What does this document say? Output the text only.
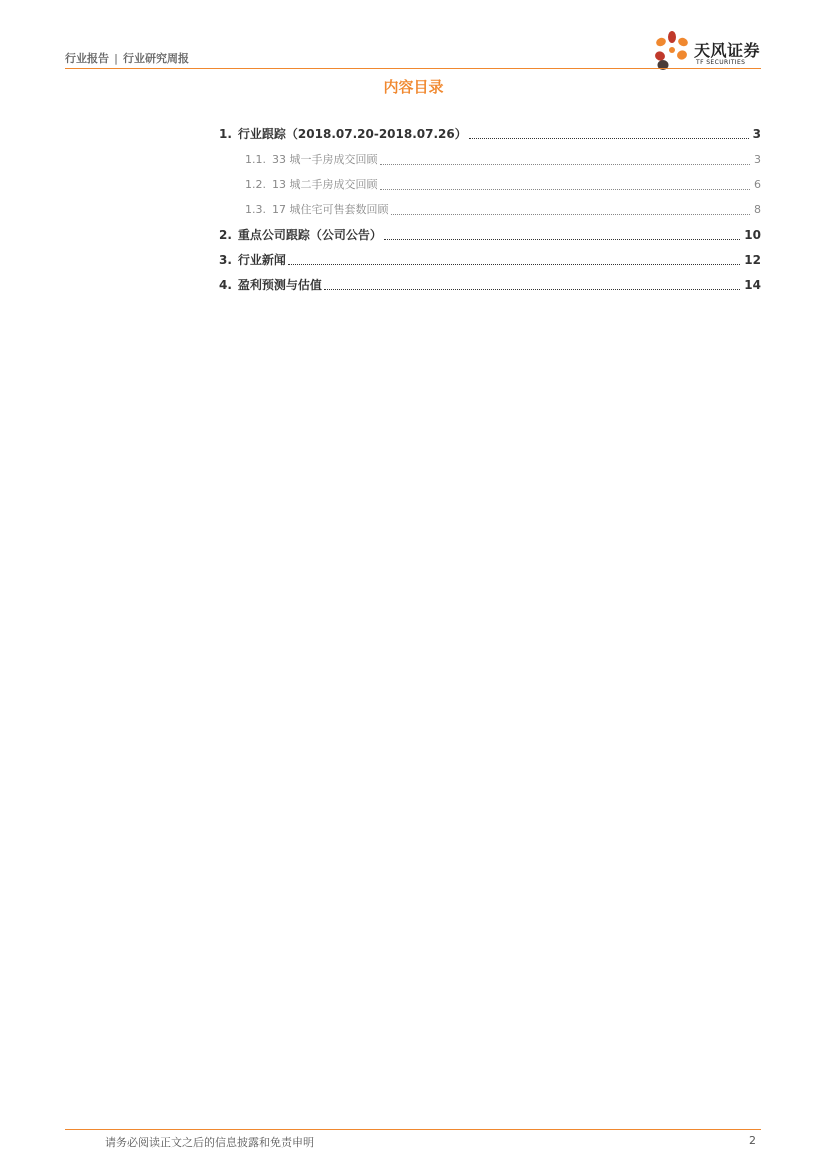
行业报告 | 行业研究周报	天风证券
TF SECURITIES
内容目录
1. 行业跟踪（2018.07.20-2018.07.26）	3
1.1. 33 城一手房成交回顾	3
1.2. 13 城二手房成交回顾	6
1.3. 17 城住宅可售套数回顾	8
2. 重点公司跟踪（公司公告）	10
3. 行业新闻	12
4. 盈利预测与估值	14
请务必阅读正文之后的信息披露和免责申明	2
